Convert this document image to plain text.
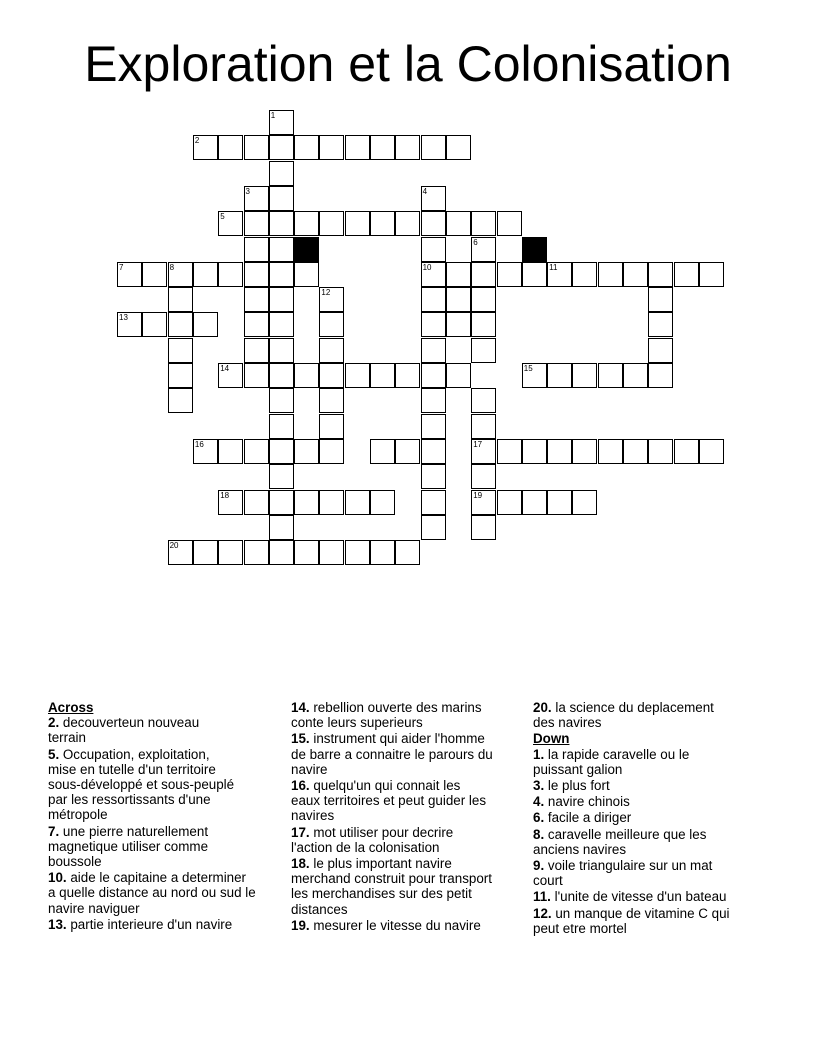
Exploration et la Colonisation
1
2
3	4
5
6
7	8	10	11
12
13
14	15
16	17
18	19
20
Across
2. decouverteun nouveau
terrain
5. Occupation, exploitation,
mise en tutelle d'un territoire
sous-développé et sous-peuplé
par les ressortissants d'une
métropole
7. une pierre naturellement
magnetique utiliser comme
boussole
10. aide le capitaine a determiner
a quelle distance au nord ou sud le
navire naviguer
13. partie interieure d'un navire
14. rebellion ouverte des marins
conte leurs superieurs
15. instrument qui aider l'homme
de barre a connaitre le parours du
navire
16. quelqu'un qui connait les
eaux territoires et peut guider les
navires
17. mot utiliser pour decrire
l'action de la colonisation
18. le plus important navire
merchand construit pour transport
les merchandises sur des petit
distances
19. mesurer le vitesse du navire
20. la science du deplacement
des navires
Down
1. la rapide caravelle ou le
puissant galion
3. le plus fort
4. navire chinois
6. facile a diriger
8. caravelle meilleure que les
anciens navires
9. voile triangulaire sur un mat
court
11. l'unite de vitesse d'un bateau
12. un manque de vitamine C qui
peut etre mortel
